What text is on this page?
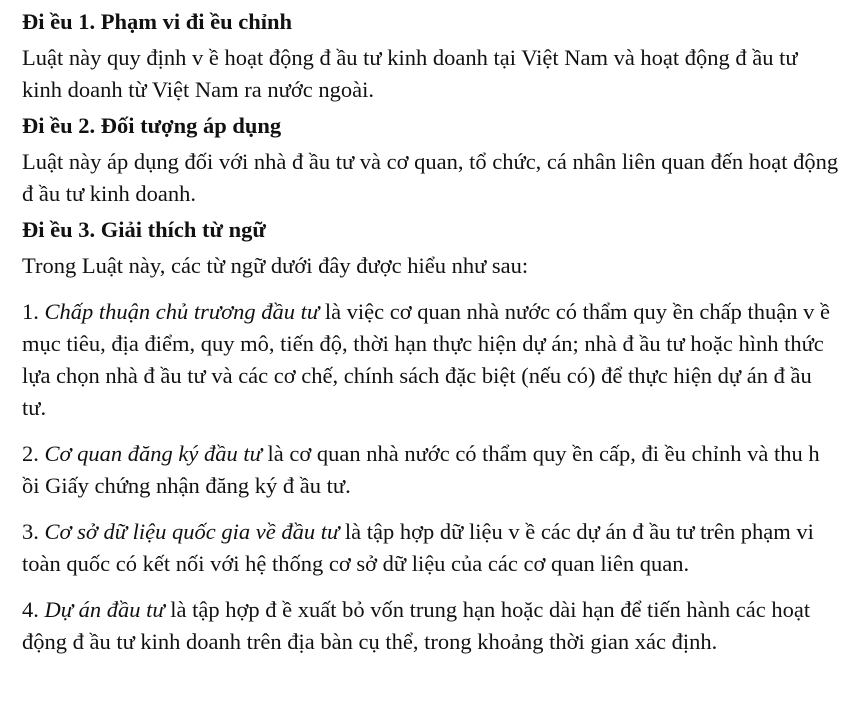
Đi ều 1. Phạm vi đi ều chỉnh
Luật này quy định v ề hoạt động đ ầu tư kinh doanh tại Việt Nam và hoạt động đ ầu tư kinh doanh từ Việt Nam ra nước ngoài.
Đi ều 2. Đối tượng áp dụng
Luật này áp dụng đối với nhà đ ầu tư và cơ quan, tổ chức, cá nhân liên quan đến hoạt động đ ầu tư kinh doanh.
Đi ều 3. Giải thích từ ngữ
Trong Luật này, các từ ngữ dưới đây được hiểu như sau:
1. Chấp thuận chủ trương đầu tư là việc cơ quan nhà nước có thẩm quy ền chấp thuận v ề mục tiêu, địa điểm, quy mô, tiến độ, thời hạn thực hiện dự án; nhà đ ầu tư hoặc hình thức lựa chọn nhà đ ầu tư và các cơ chế, chính sách đặc biệt (nếu có) để thực hiện dự án đ ầu tư.
2. Cơ quan đăng ký đầu tư là cơ quan nhà nước có thẩm quy ền cấp, đi ều chỉnh và thu h ồi Giấy chứng nhận đăng ký đ ầu tư.
3. Cơ sở dữ liệu quốc gia về đầu tư là tập hợp dữ liệu v ề các dự án đ ầu tư trên phạm vi toàn quốc có kết nối với hệ thống cơ sở dữ liệu của các cơ quan liên quan.
4. Dự án đầu tư là tập hợp đ ề xuất bỏ vốn trung hạn hoặc dài hạn để tiến hành các hoạt động đ ầu tư kinh doanh trên địa bàn cụ thể, trong khoảng thời gian xác định.
